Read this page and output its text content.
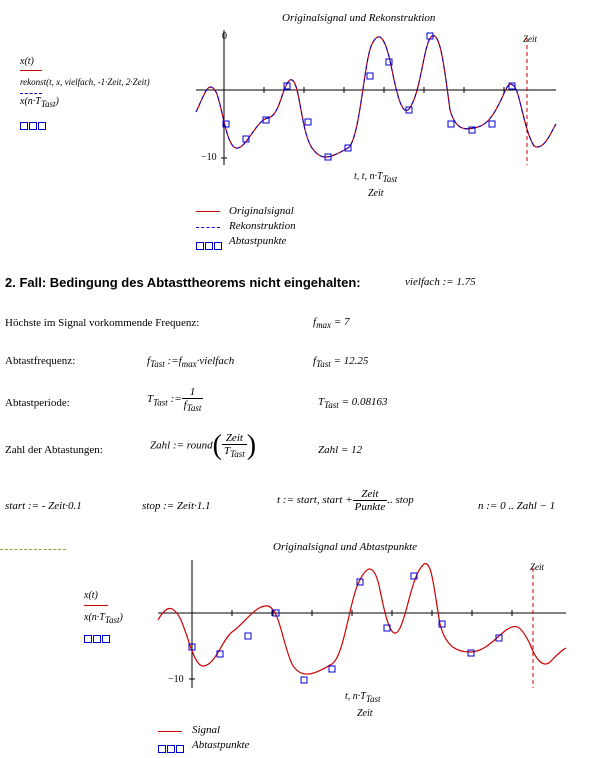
Originalsignal und Rekonstruktion
x(t)
rekonst(t, x, vielfach, -1·Zeit, 2·Zeit)
$x(n\cdot T_{Tast})$
0
−10
Zeit
t, t, $n\cdot T_{Tast}$
Zeit
Originalsignal
Rekonstruktion
Abtastpunkte
2. Fall: Bedingung des Abtasttheorems nicht eingehalten:	vielfach := 1.75
Höchste im Signal vorkommende Frequenz:	$f_{max} = 7$
Abtastfrequenz:	$f_{Tast}$ $:=f_{max}\cdot vielfach$	$f_{Tast} = 12.25$
Abtastperiode:	$T_{Tast}$ := $\frac{1}{f_{Tast}}$	$T_{Tast} = 0.08163$
Zahl der Abtastungen:	Zahl := round( $\frac{\text{Zeit}}{T_{Tast}}$ )	Zahl = 12
start := - Zeit·0.1	stop := Zeit·1.1	t := start, start + $\frac{\text{Zeit}}{\text{Punkte}}$ .. stop	n := 0 .. Zahl − 1
Originalsignal und Abtastpunkte
x(t)
$x(n\cdot T_{Tast})$
−10
Zeit
t, $n\cdot T_{Tast}$
Zeit
Signal
Abtastpunkte
